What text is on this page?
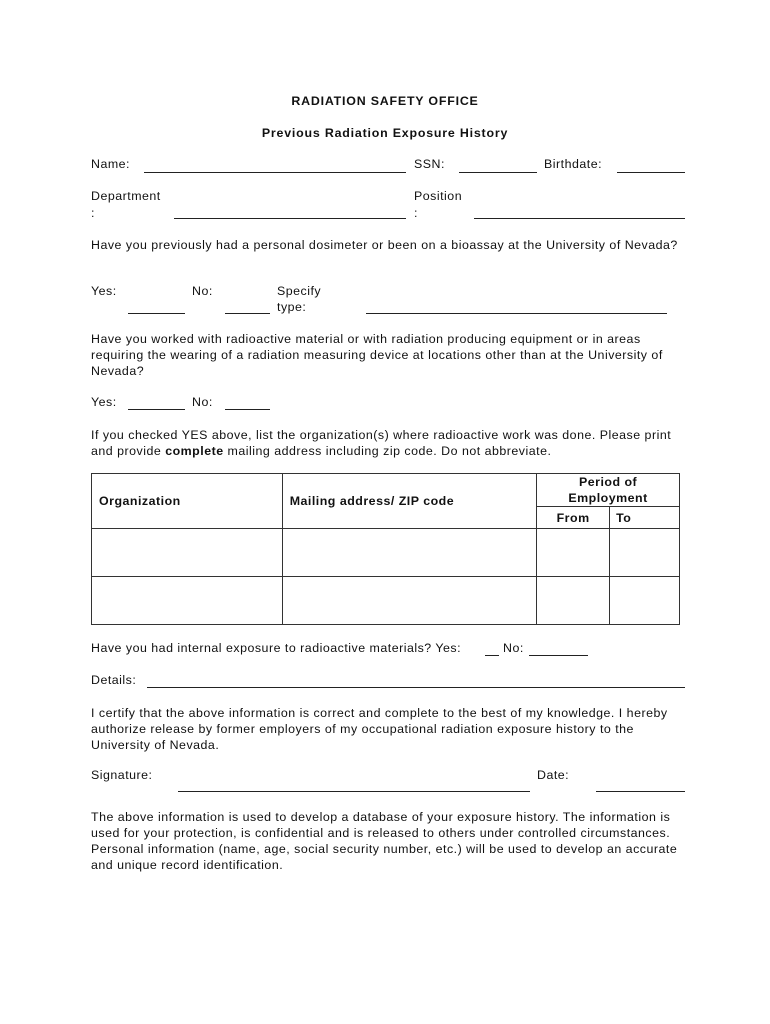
RADIATION SAFETY OFFICE
Previous Radiation Exposure History
Name:	SSN:	Birthdate:
Department
:
Position
:
Have you previously had a personal dosimeter or been on a bioassay at the University of Nevada?
Yes:	No:	Specify
type:
Have you worked with radioactive material or with radiation producing equipment or in areas requiring the wearing of a radiation measuring device at locations other than at the University of Nevada?
Yes:	No:
If you checked YES above, list the organization(s) where radioactive work was done. Please print and provide complete mailing address including zip code. Do not abbreviate.
Organization	Mailing address/ ZIP code	Period of
Employment	

		From	To

Have you had internal exposure to radioactive materials? Yes:	No:
Details:
I certify that the above information is correct and complete to the best of my knowledge. I hereby authorize release by former employers of my occupational radiation exposure history to the University of Nevada.
Signature:	Date:
The above information is used to develop a database of your exposure history. The information is used for your protection, is confidential and is released to others under controlled circumstances. Personal information (name, age, social security number, etc.) will be used to develop an accurate and unique record identification.
